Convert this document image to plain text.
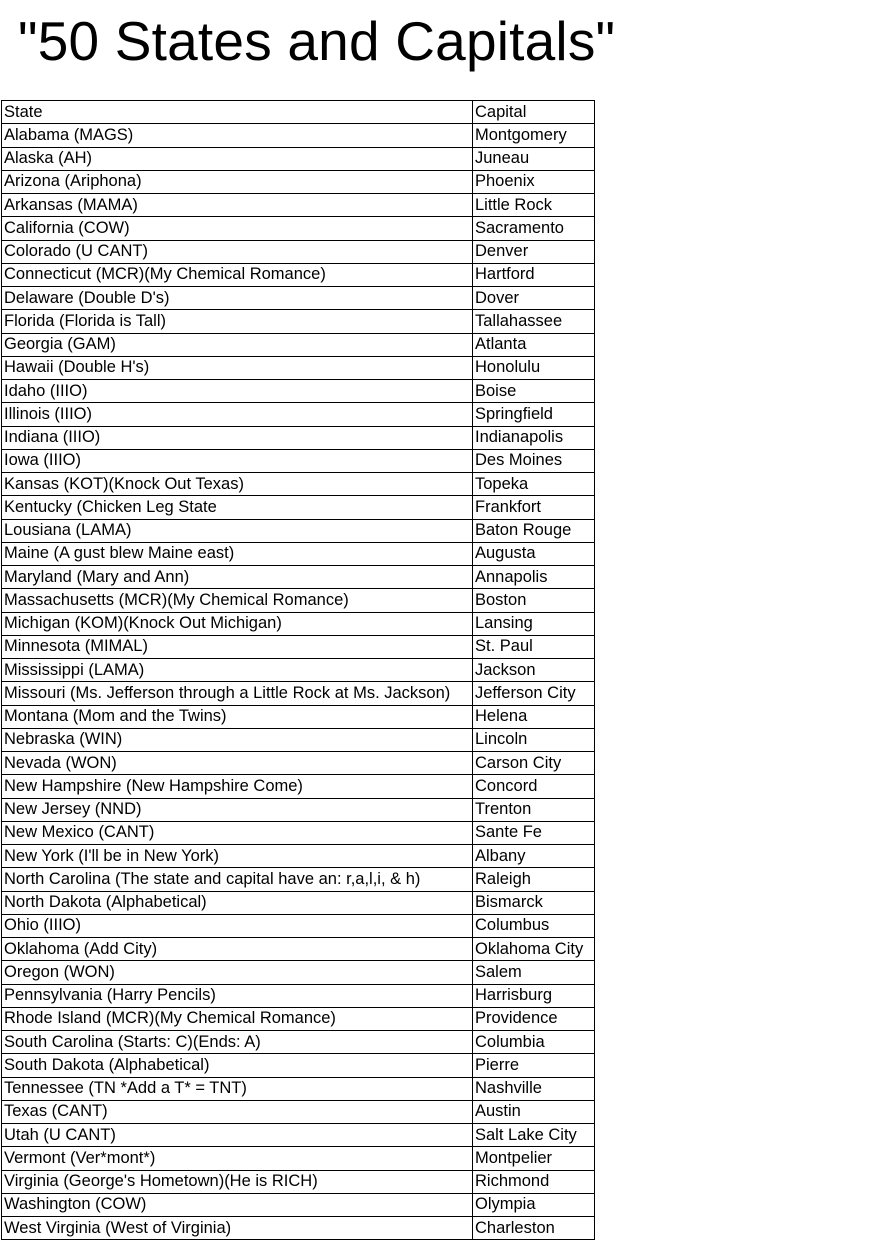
"50 States and Capitals"
State	Capital
Alabama (MAGS)	Montgomery
Alaska (AH)	Juneau
Arizona (Ariphona)	Phoenix
Arkansas (MAMA)	Little Rock
California (COW)	Sacramento
Colorado (U CANT)	Denver
Connecticut (MCR)(My Chemical Romance)	Hartford
Delaware (Double D's)	Dover
Florida (Florida is Tall)	Tallahassee
Georgia (GAM)	Atlanta
Hawaii (Double H's)	Honolulu
Idaho (IIIO)	Boise
Illinois (IIIO)	Springfield
Indiana (IIIO)	Indianapolis
Iowa (IIIO)	Des Moines
Kansas (KOT)(Knock Out Texas)	Topeka
Kentucky (Chicken Leg State	Frankfort
Lousiana (LAMA)	Baton Rouge
Maine (A gust blew Maine east)	Augusta
Maryland (Mary and Ann)	Annapolis
Massachusetts (MCR)(My Chemical Romance)	Boston
Michigan (KOM)(Knock Out Michigan)	Lansing
Minnesota (MIMAL)	St. Paul
Mississippi (LAMA)	Jackson
Missouri (Ms. Jefferson through a Little Rock at Ms. Jackson)	Jefferson City
Montana (Mom and the Twins)	Helena
Nebraska (WIN)	Lincoln
Nevada (WON)	Carson City
New Hampshire (New Hampshire Come)	Concord
New Jersey (NND)	Trenton
New Mexico (CANT)	Sante Fe
New York (I'll be in New York)	Albany
North Carolina (The state and capital have an: r,a,l,i, & h)	Raleigh
North Dakota (Alphabetical)	Bismarck
Ohio (IIIO)	Columbus
Oklahoma (Add City)	Oklahoma City
Oregon (WON)	Salem
Pennsylvania (Harry Pencils)	Harrisburg
Rhode Island (MCR)(My Chemical Romance)	Providence
South Carolina (Starts: C)(Ends: A)	Columbia
South Dakota (Alphabetical)	Pierre
Tennessee (TN *Add a T* = TNT)	Nashville
Texas (CANT)	Austin
Utah (U CANT)	Salt Lake City
Vermont (Ver*mont*)	Montpelier
Virginia (George's Hometown)(He is RICH)	Richmond
Washington (COW)	Olympia
West Virginia (West of Virginia)	Charleston
